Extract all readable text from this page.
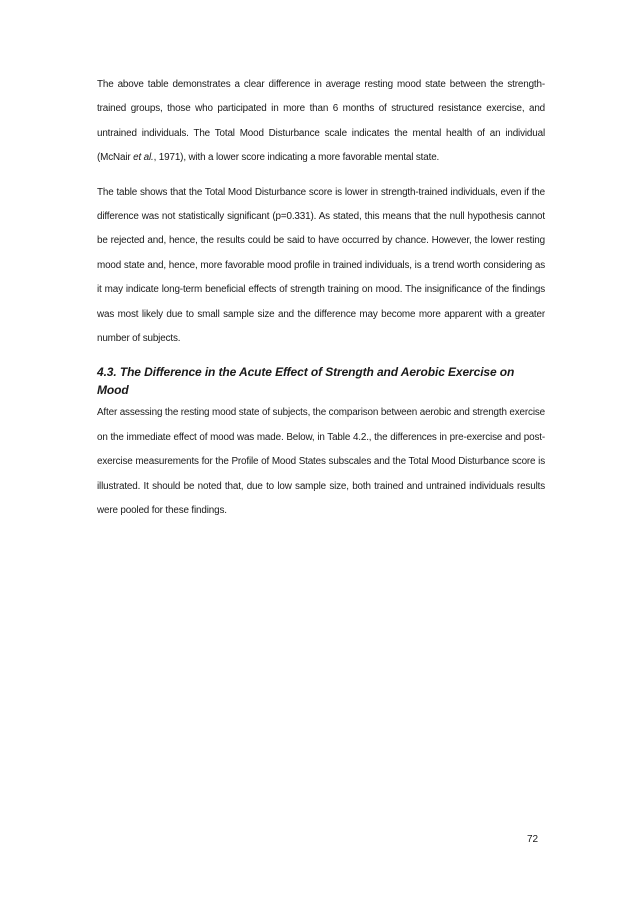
The above table demonstrates a clear difference in average resting mood state between the strength-trained groups, those who participated in more than 6 months of structured resistance exercise, and untrained individuals. The Total Mood Disturbance scale indicates the mental health of an individual (McNair et al., 1971), with a lower score indicating a more favorable mental state.

The table shows that the Total Mood Disturbance score is lower in strength-trained individuals, even if the difference was not statistically significant (p=0.331). As stated, this means that the null hypothesis cannot be rejected and, hence, the results could be said to have occurred by chance. However, the lower resting mood state and, hence, more favorable mood profile in trained individuals, is a trend worth considering as it may indicate long-term beneficial effects of strength training on mood. The insignificance of the findings was most likely due to small sample size and the difference may become more apparent with a greater number of subjects.

4.3. The Difference in the Acute Effect of Strength and Aerobic Exercise on Mood

After assessing the resting mood state of subjects, the comparison between aerobic and strength exercise on the immediate effect of mood was made. Below, in Table 4.2., the differences in pre-exercise and post-exercise measurements for the Profile of Mood States subscales and the Total Mood Disturbance score is illustrated. It should be noted that, due to low sample size, both trained and untrained individuals results were pooled for these findings.

72
